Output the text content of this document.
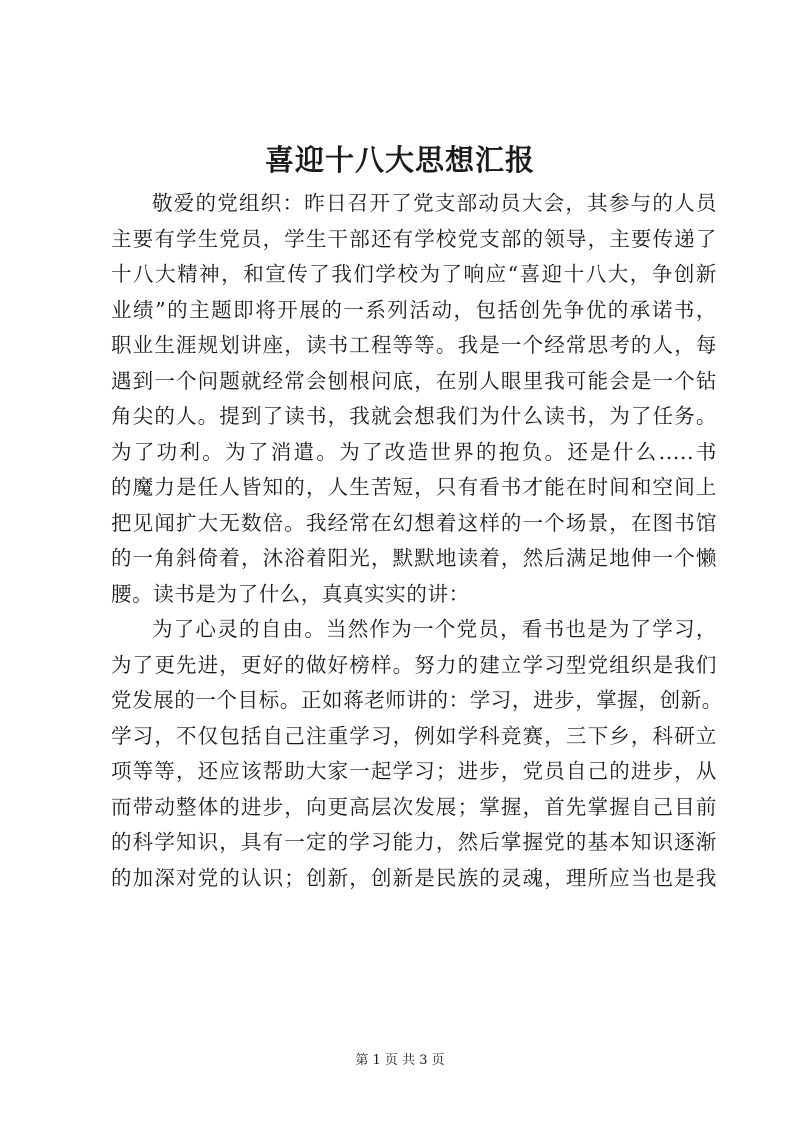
喜迎十八大思想汇报
敬爱的党组织：昨日召开了党支部动员大会，其参与的人员
主要有学生党员，学生干部还有学校党支部的领导，主要传递了
十八大精神，和宣传了我们学校为了响应“喜迎十八大，争创新
业绩”的主题即将开展的一系列活动，包括创先争优的承诺书，
职业生涯规划讲座，读书工程等等。我是一个经常思考的人，每
遇到一个问题就经常会刨根问底，在别人眼里我可能会是一个钻
角尖的人。提到了读书，我就会想我们为什么读书，为了任务。
为了功利。为了消遣。为了改造世界的抱负。还是什么.....书
的魔力是任人皆知的，人生苦短，只有看书才能在时间和空间上
把见闻扩大无数倍。我经常在幻想着这样的一个场景，在图书馆
的一角斜倚着，沐浴着阳光，默默地读着，然后满足地伸一个懒
腰。读书是为了什么，真真实实的讲：
为了心灵的自由。当然作为一个党员，看书也是为了学习，
为了更先进，更好的做好榜样。努力的建立学习型党组织是我们
党发展的一个目标。正如蒋老师讲的：学习，进步，掌握，创新。
学习，不仅包括自己注重学习，例如学科竞赛，三下乡，科研立
项等等，还应该帮助大家一起学习；进步，党员自己的进步，从
而带动整体的进步，向更高层次发展；掌握，首先掌握自己目前
的科学知识，具有一定的学习能力，然后掌握党的基本知识逐渐
的加深对党的认识；创新，创新是民族的灵魂，理所应当也是我
第 1 页 共 3 页
